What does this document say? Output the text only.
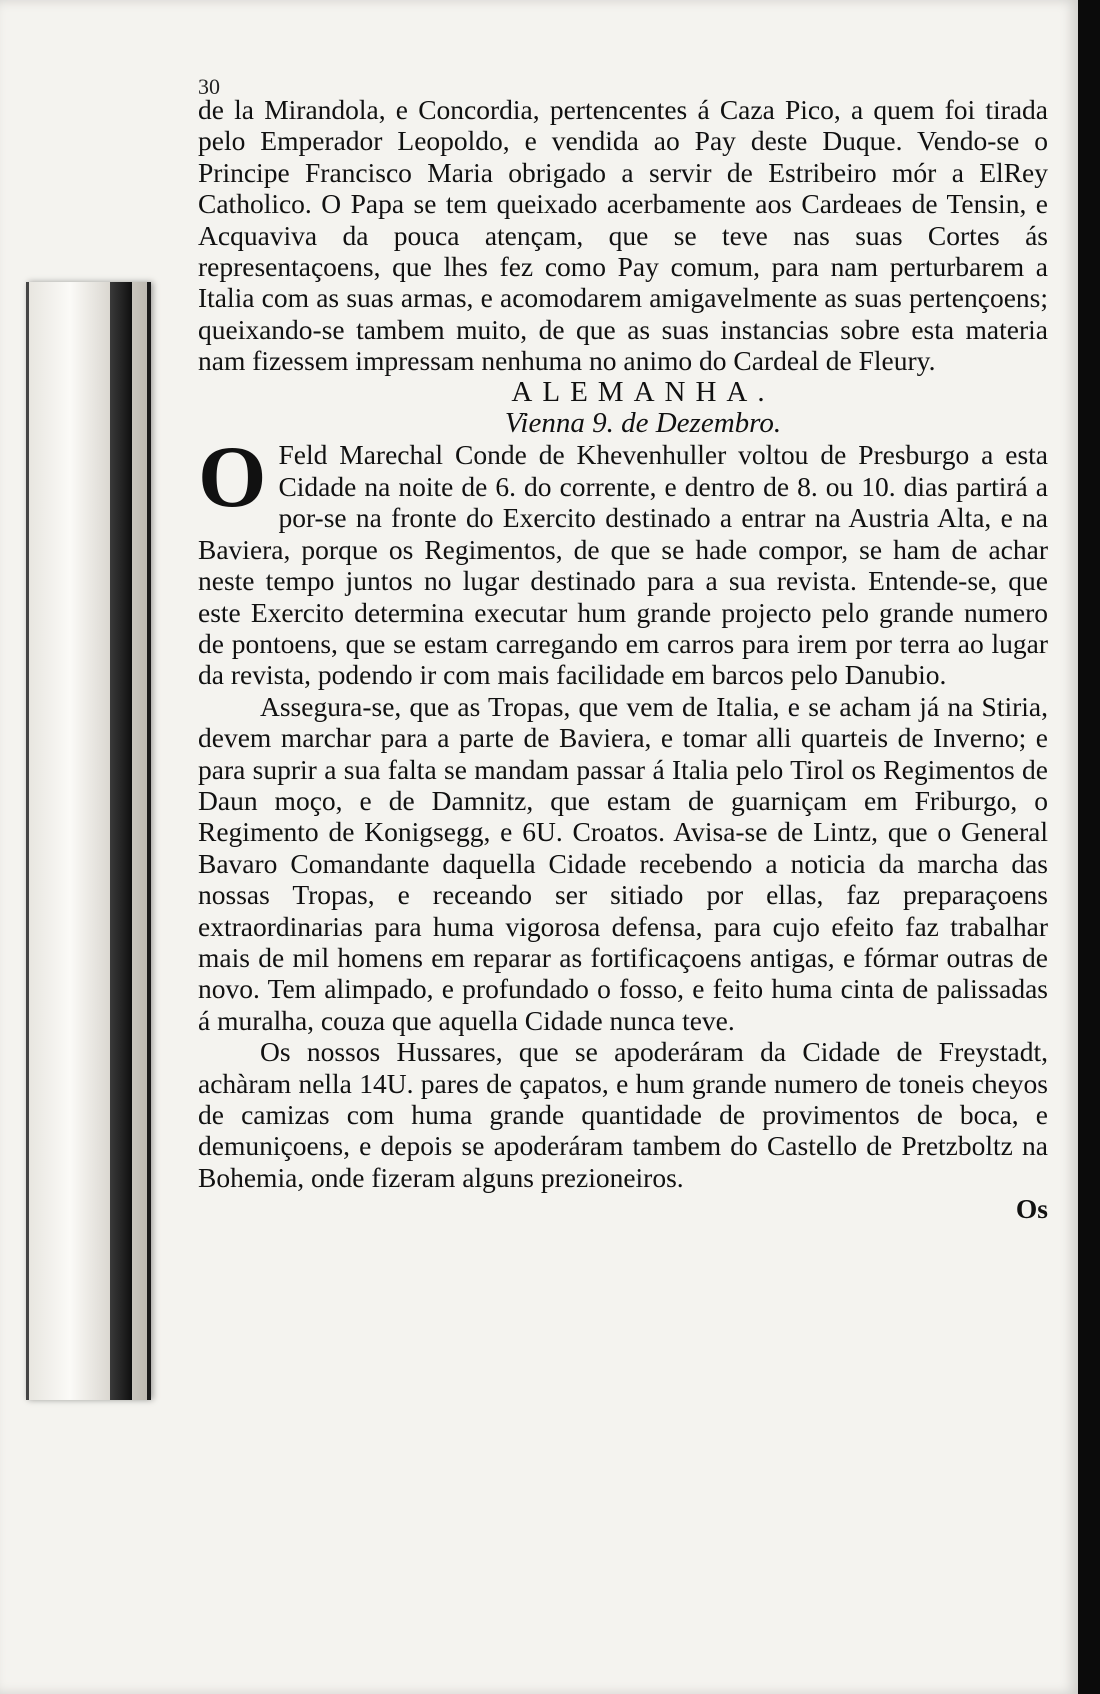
30

de la Mirandola, e Concordia, pertencentes á Caza Pico, a quem foi tirada pelo Emperador Leopoldo, e vendida ao Pay deste Duque. Vendo-se o Principe Francisco Maria obrigado a servir de Estribeiro mór a ElRey Catholico. O Papa se tem queixado acerbamente aos Cardeaes de Tensin, e Acquaviva da pouca atençam, que se teve nas suas Cortes ás representaçoens, que lhes fez como Pay comum, para nam perturbarem a Italia com as suas armas, e acomodarem amigavelmente as suas pertençoens; queixando-se tambem muito, de que as suas instancias sobre esta materia nam fizessem impressam nenhuma no animo do Cardeal de Fleury.

ALEMANHA.

Vienna 9. de Dezembro.

O Feld Marechal Conde de Khevenhuller voltou de Presburgo a esta Cidade na noite de 6. do corrente, e dentro de 8. ou 10. dias partirá a por-se na fronte do Exercito destinado a entrar na Austria Alta, e na Baviera, porque os Regimentos, de que se hade compor, se ham de achar neste tempo juntos no lugar destinado para a sua revista. Entende-se, que este Exercito determina executar hum grande projecto pelo grande numero de pontoens, que se estam carregando em carros para irem por terra ao lugar da revista, podendo ir com mais facilidade em barcos pelo Danubio.

Assegura-se, que as Tropas, que vem de Italia, e se acham já na Stiria, devem marchar para a parte de Baviera, e tomar alli quarteis de Inverno; e para suprir a sua falta se mandam passar á Italia pelo Tirol os Regimentos de Daun moço, e de Damnitz, que estam de guarniçam em Friburgo, o Regimento de Konigsegg, e 6U. Croatos. Avisa-se de Lintz, que o General Bavaro Comandante daquella Cidade recebendo a noticia da marcha das nossas Tropas, e receando ser sitiado por ellas, faz preparaçoens extraordinarias para huma vigorosa defensa, para cujo efeito faz trabalhar mais de mil homens em reparar as fortificaçoens antigas, e fórmar outras de novo. Tem alimpado, e profundado o fosso, e feito huma cinta de palissadas á muralha, couza que aquella Cidade nunca teve.

Os nossos Hussares, que se apoderáram da Cidade de Freystadt, achàram nella 14U. pares de çapatos, e hum grande numero de toneis cheyos de camizas com huma grande quantidade de provimentos de boca, e demuniçoens, e depois se apoderáram tambem do Castello de Pretzboltz na Bohemia, onde fizeram alguns prezioneiros.

Os
